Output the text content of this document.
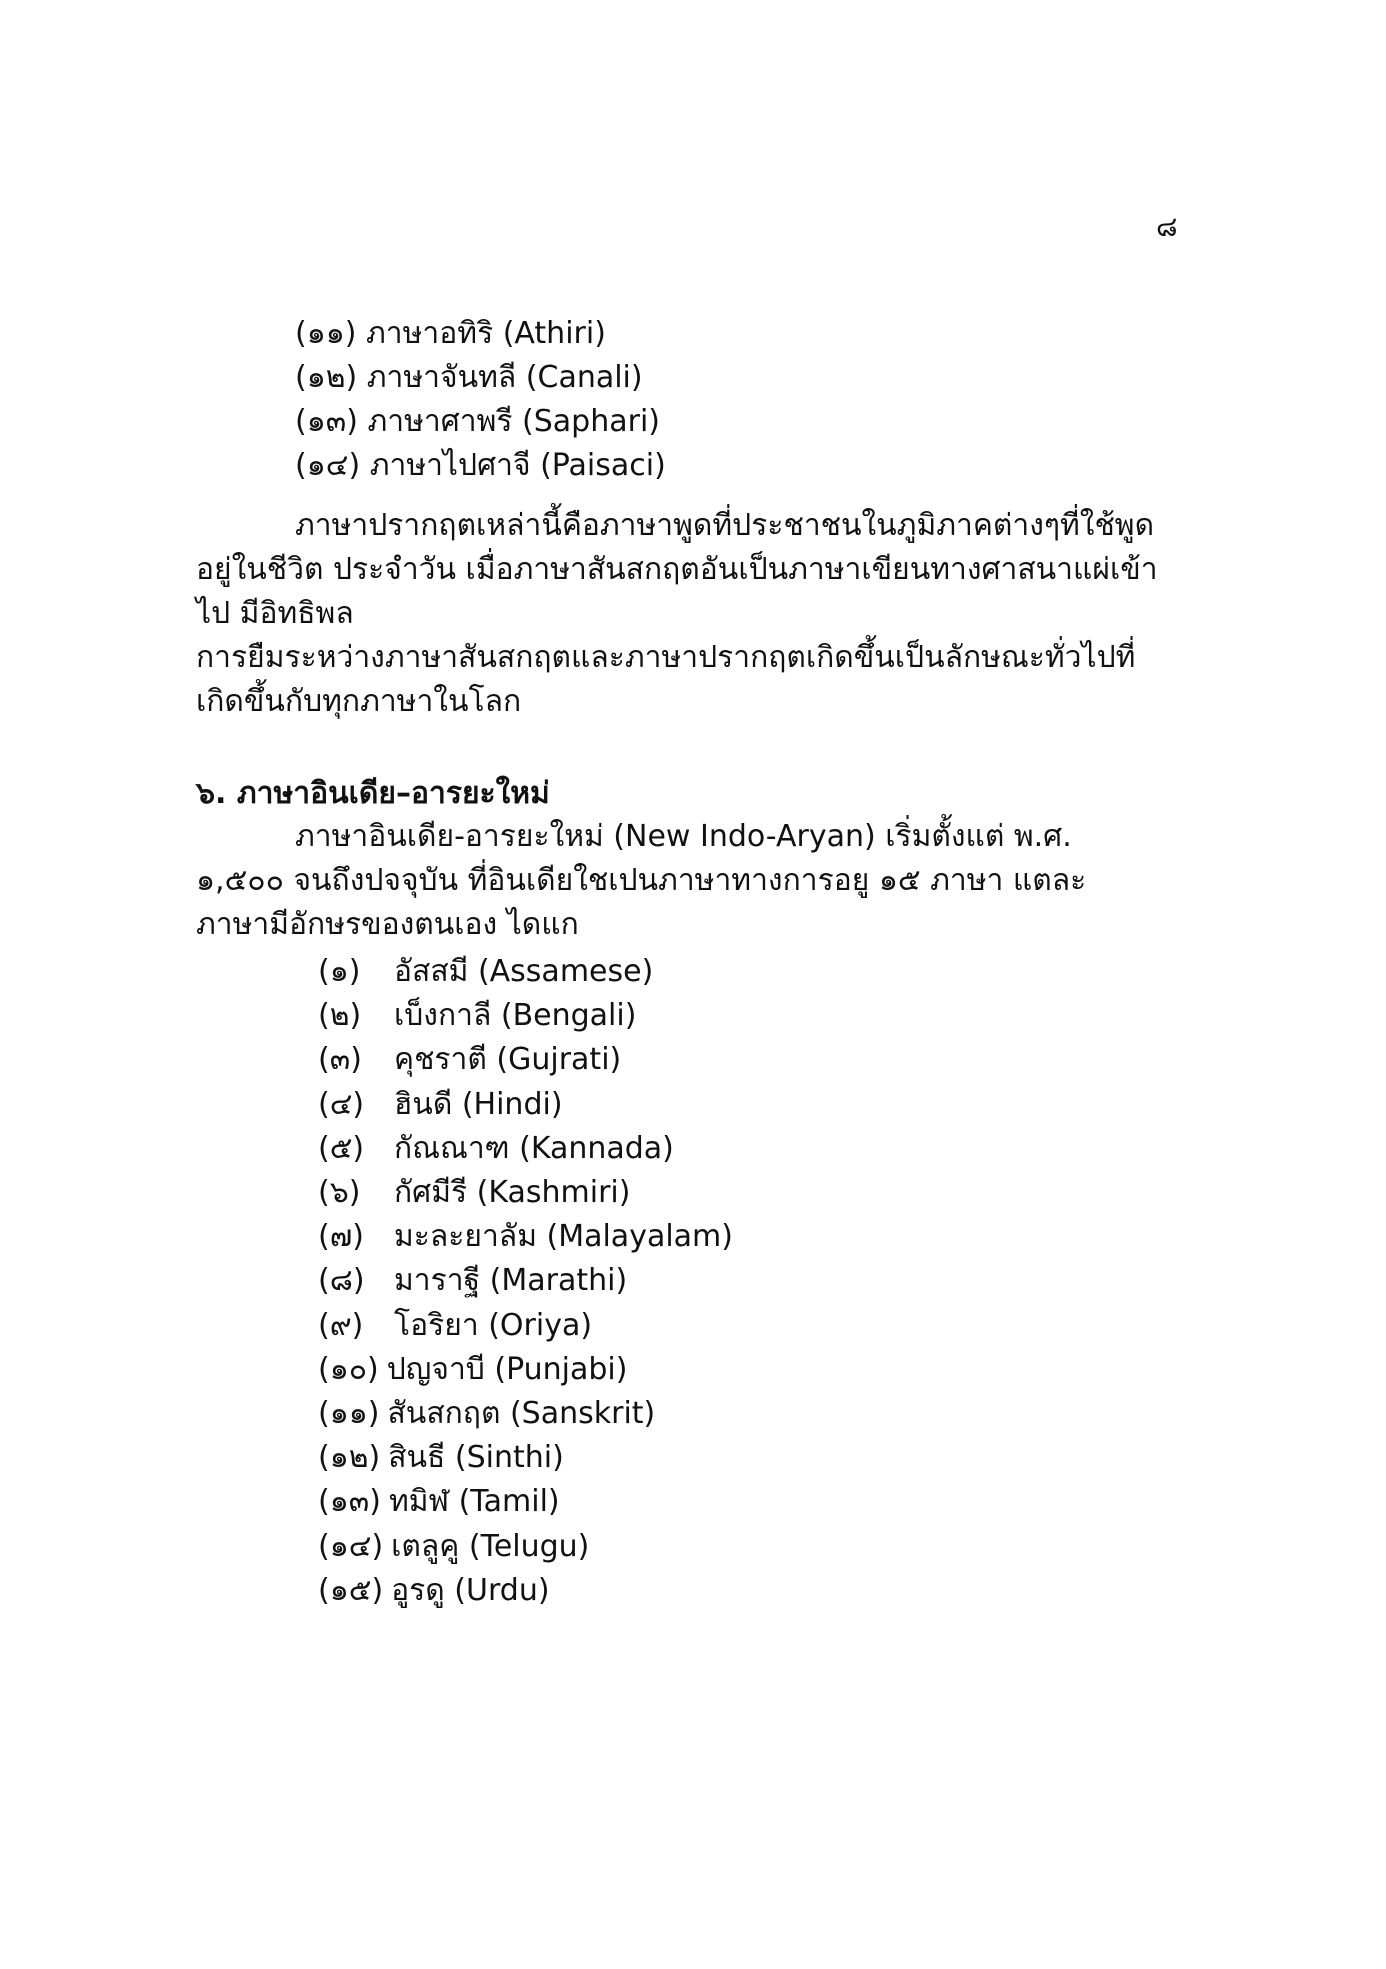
๘
(๑๑) ภาษาอทิริ (Athiri)
(๑๒) ภาษาจันทลี (Canali)
(๑๓) ภาษาศาพรี (Saphari)
(๑๔) ภาษาไปศาจี (Paisaci)
ภาษาปรากฤตเหล่านี้คือภาษาพูดที่ประชาชนในภูมิภาคต่างๆที่ใช้พูด
อยู่ในชีวิต ประจำวัน เมื่อภาษาสันสกฤตอันเป็นภาษาเขียนทางศาสนาแผ่เข้า
ไป มีอิทธิพล
การยืมระหว่างภาษาสันสกฤตและภาษาปรากฤตเกิดขึ้นเป็นลักษณะทั่วไปที่
เกิดขึ้นกับทุกภาษาในโลก
๖. ภาษาอินเดีย–อารยะใหม่
ภาษาอินเดีย-อารยะใหม่ (New Indo-Aryan) เริ่มตั้งแต่ พ.ศ.
๑,๕๐๐ จนถึงปจจุบัน ที่อินเดียใชเปนภาษาทางการอยู ๑๕ ภาษา แตละ
ภาษามีอักษรของตนเอง ไดแก
(๑) อัสสมี (Assamese)
(๒) เบ็งกาลี (Bengali)
(๓) คุชราตี (Gujrati)
(๔) ฮินดี (Hindi)
(๕) กัณณาฑ (Kannada)
(๖) กัศมีรี (Kashmiri)
(๗) มะละยาลัม (Malayalam)
(๘) มาราฐี (Marathi)
(๙) โอริยา (Oriya)
(๑๐) ปญจาบี (Punjabi)
(๑๑) สันสกฤต (Sanskrit)
(๑๒) สินธี (Sinthi)
(๑๓) ทมิฬ (Tamil)
(๑๔) เตลูคู (Telugu)
(๑๕) อูรดู (Urdu)
